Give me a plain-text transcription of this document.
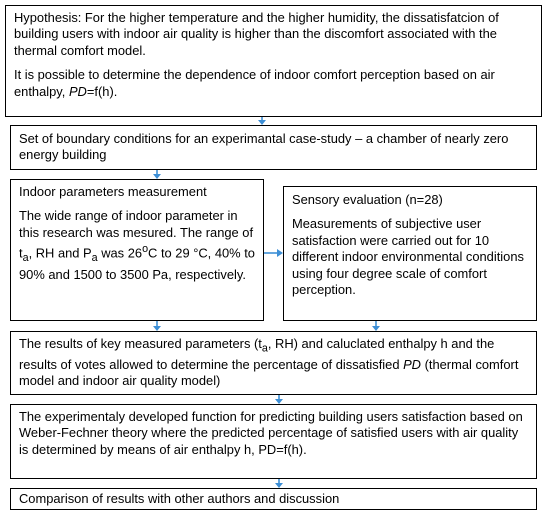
Hypothesis: For the higher temperature and the higher humidity, the dissatisfatcion of building users with indoor air quality is higher than the discomfort associated with the thermal comfort model.

It is possible to determine the dependence of indoor comfort perception based on air enthalpy, PD=f(h).

Set of boundary conditions for an experimantal case-study – a chamber of nearly zero energy building

Indoor parameters measurement

The wide range of indoor parameter in this research was mesured. The range of $t_a$, RH and $P_a$ was 26$^o$C to 29 °C, 40% to 90% and 1500 to 3500 Pa, respectively.

Sensory evaluation (n=28)

Measurements of subjective user satisfaction were carried out for 10 different indoor environmental conditions using four degree scale of comfort perception.

The results of key measured parameters ($t_a$, RH) and caluclated enthalpy h and the results of votes allowed to determine the percentage of dissatisfied PD (thermal comfort model and indoor air quality model)

The experimentaly developed function for predicting building users satisfaction based on Weber-Fechner theory where the predicted percentage of satisfied users with air quality is determined by means of air enthalpy h, PD=f(h).

Comparison of results with other authors and discussion
